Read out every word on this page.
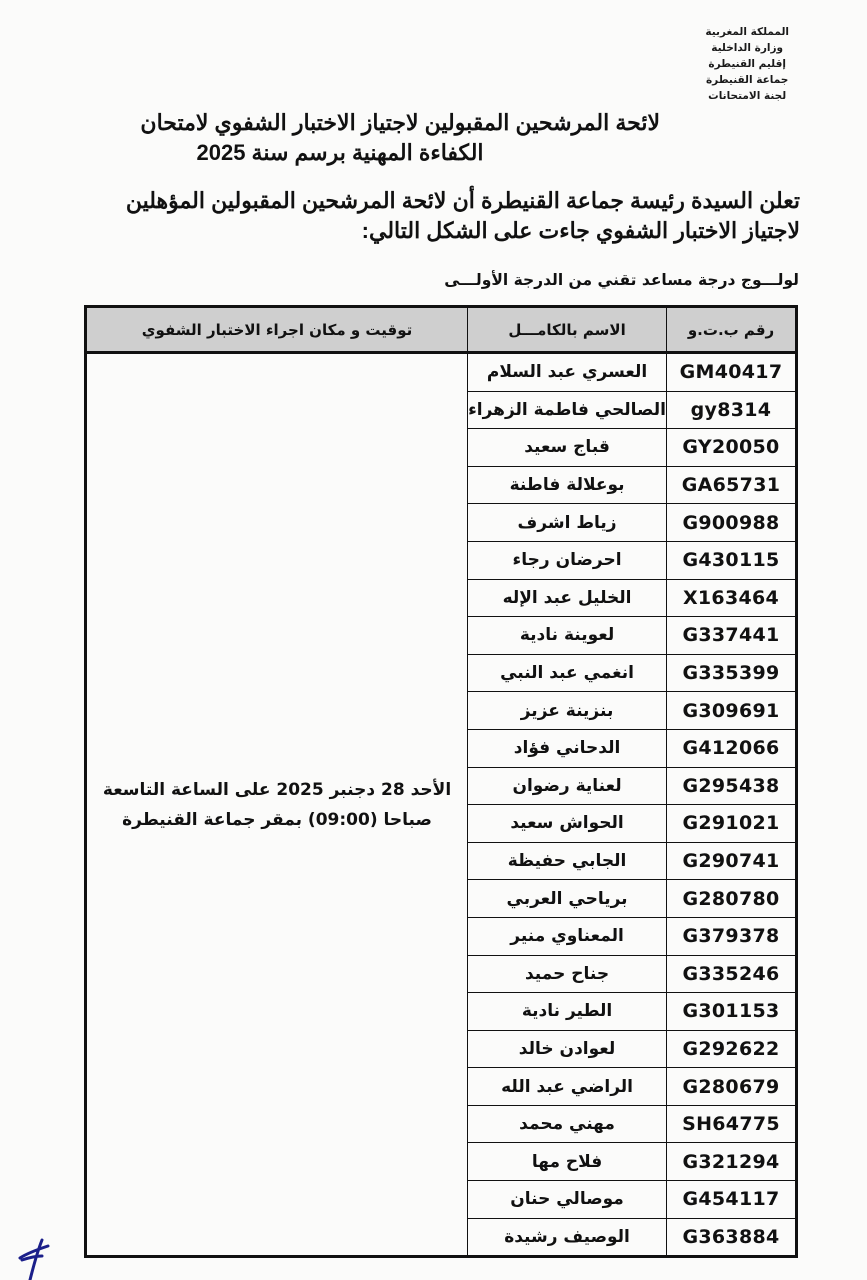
المملكة المغربية
وزارة الداخلية
إقليم القنيطرة
جماعة القنيطرة
لجنة الامتحانات
لائحة المرشحين المقبولين لاجتياز الاختبار الشفوي لامتحان
الكفاءة المهنية برسم سنة 2025
تعلن السيدة رئيسة جماعة القنيطرة أن لائحة المرشحين المقبولين المؤهلين
لاجتياز الاختبار الشفوي جاءت على الشكل التالي:
لولـــوج درجة مساعد تقني من الدرجة الأولـــى
رقم ب.ت.و	الاسم بالكامـــل	توقيت و مكان اجراء الاختبار الشفوي
GM40417	العسري عبد السلام	الأحد 28 دجنبر 2025 على الساعة التاسعة
صباحا (09:00) بمقر جماعة القنيطرة

gy8314	الصالحي فاطمة الزهراء	
GY20050	قباج سعيد	
GA65731	بوعلالة فاطنة	
G900988	زياط اشرف	
G430115	احرضان رجاء	
X163464	الخليل عبد الإله	
G337441	لعوينة نادية	
G335399	انغمي عبد النبي	
G309691	بنزينة عزيز	
G412066	الدحاني فؤاد	
G295438	لعناية رضوان	
G291021	الحواش سعيد	
G290741	الجابي حفيظة	
G280780	برياحي العربي	
G379378	المعناوي منير	
G335246	جناح حميد	
G301153	الطير نادية	
G292622	لعوادن خالد	
G280679	الراضي عبد الله	
SH64775	مهني محمد	
G321294	فلاح مها	
G454117	موصالي حنان	
G363884	الوصيف رشيدة	
